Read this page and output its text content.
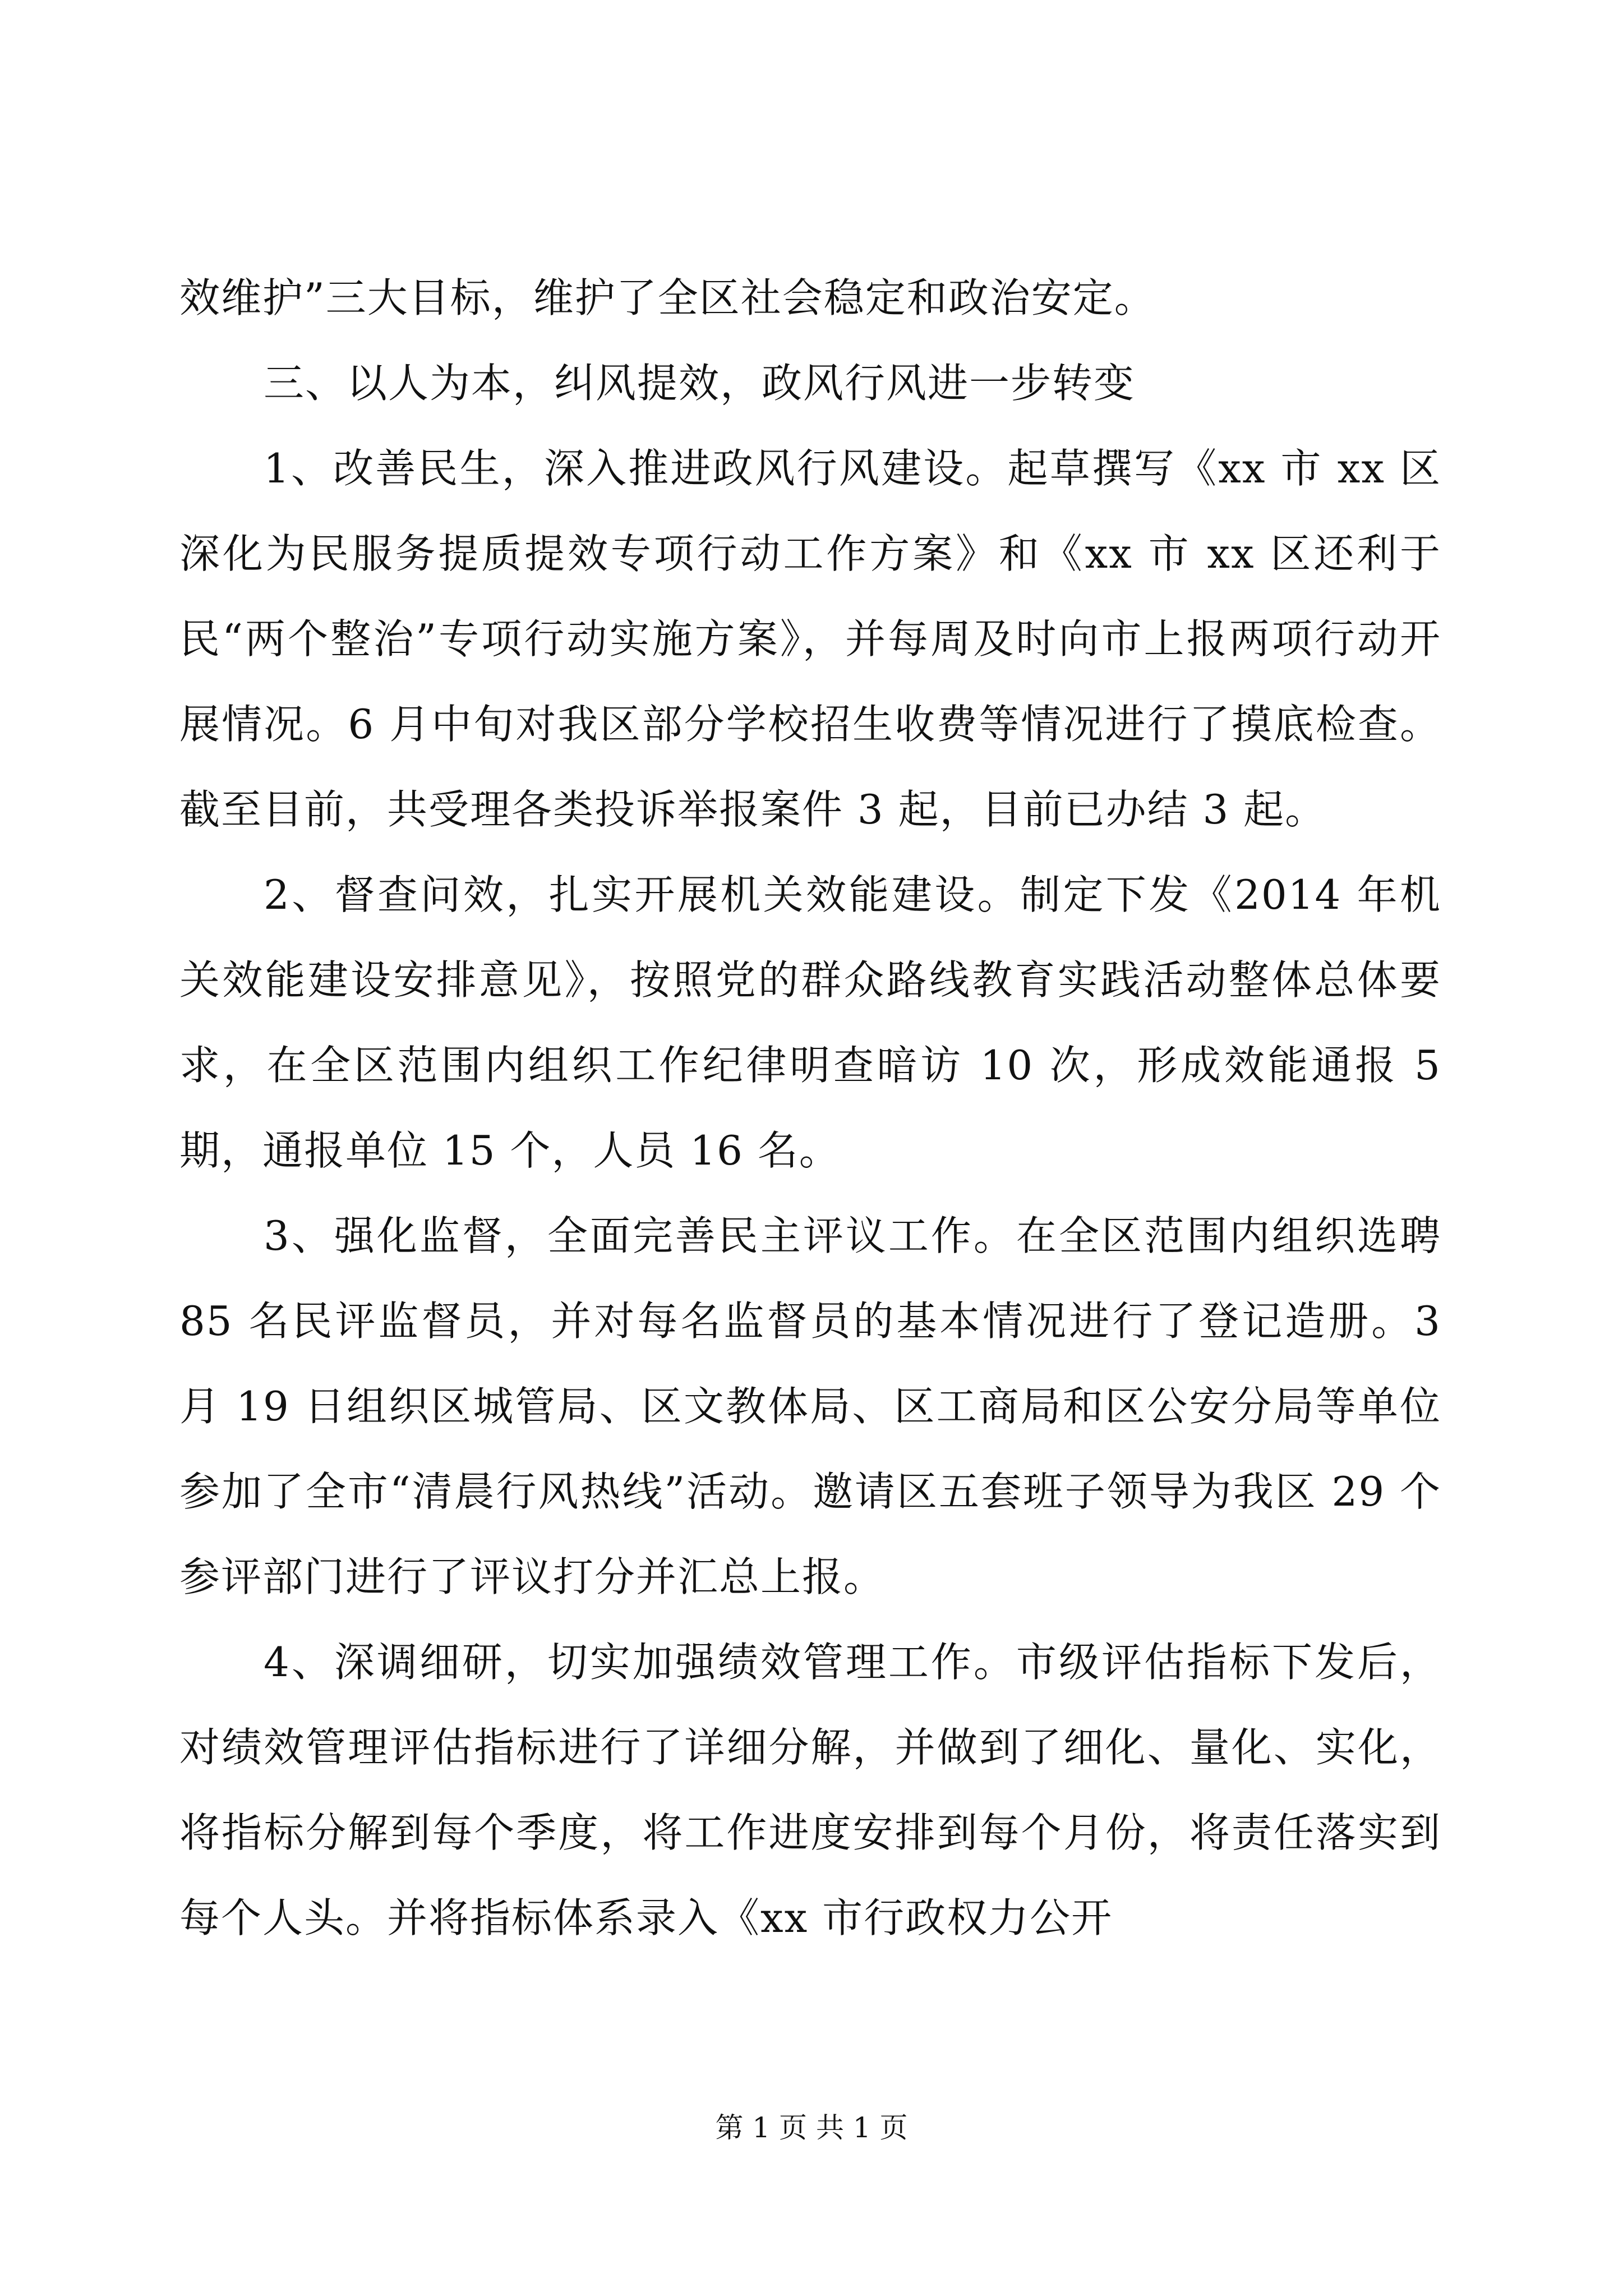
效维护”三大目标，维护了全区社会稳定和政治安定。

三、以人为本，纠风提效，政风行风进一步转变

1、改善民生，深入推进政风行风建设。起草撰写《xx 市 xx 区深化为民服务提质提效专项行动工作方案》和《xx 市 xx 区还利于民“两个整治”专项行动实施方案》，并每周及时向市上报两项行动开展情况。6 月中旬对我区部分学校招生收费等情况进行了摸底检查。截至目前，共受理各类投诉举报案件 3 起，目前已办结 3 起。

2、督查问效，扎实开展机关效能建设。制定下发《2014 年机关效能建设安排意见》，按照党的群众路线教育实践活动整体总体要求，在全区范围内组织工作纪律明查暗访 10 次，形成效能通报 5 期，通报单位 15 个，人员 16 名。

3、强化监督，全面完善民主评议工作。在全区范围内组织选聘 85 名民评监督员，并对每名监督员的基本情况进行了登记造册。3 月 19 日组织区城管局、区文教体局、区工商局和区公安分局等单位参加了全市“清晨行风热线”活动。邀请区五套班子领导为我区 29 个参评部门进行了评议打分并汇总上报。

4、深调细研，切实加强绩效管理工作。市级评估指标下发后，对绩效管理评估指标进行了详细分解，并做到了细化、量化、实化，将指标分解到每个季度，将工作进度安排到每个月份，将责任落实到每个人头。并将指标体系录入《xx 市行政权力公开

第 1 页 共 1 页
